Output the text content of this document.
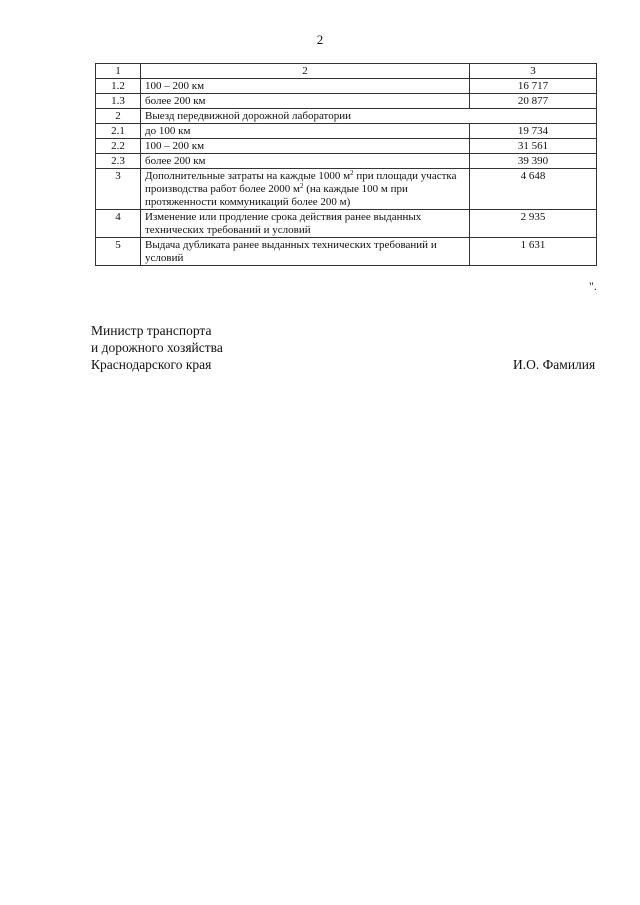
2
1	2	3
1.2	100 – 200 км	16 717
1.3	более 200 км	20 877
2	Выезд передвижной дорожной лаборатории	
2.1	до 100 км	19 734
2.2	100 – 200 км	31 561
2.3	более 200 км	39 390
3	Дополнительные затраты на каждые 1000 $м^2$ при площади участка производства работ более 2000 $м^2$ (на каждые 100 м при протяженности коммуникаций более 200 м)	4 648
4	Изменение или продление срока действия ранее выданных технических требований и условий	2 935
5	Выдача дубликата ранее выданных технических требований и условий	1 631
".
Министр транспорта
и дорожного хозяйства
Краснодарского края	И.О. Фамилия
